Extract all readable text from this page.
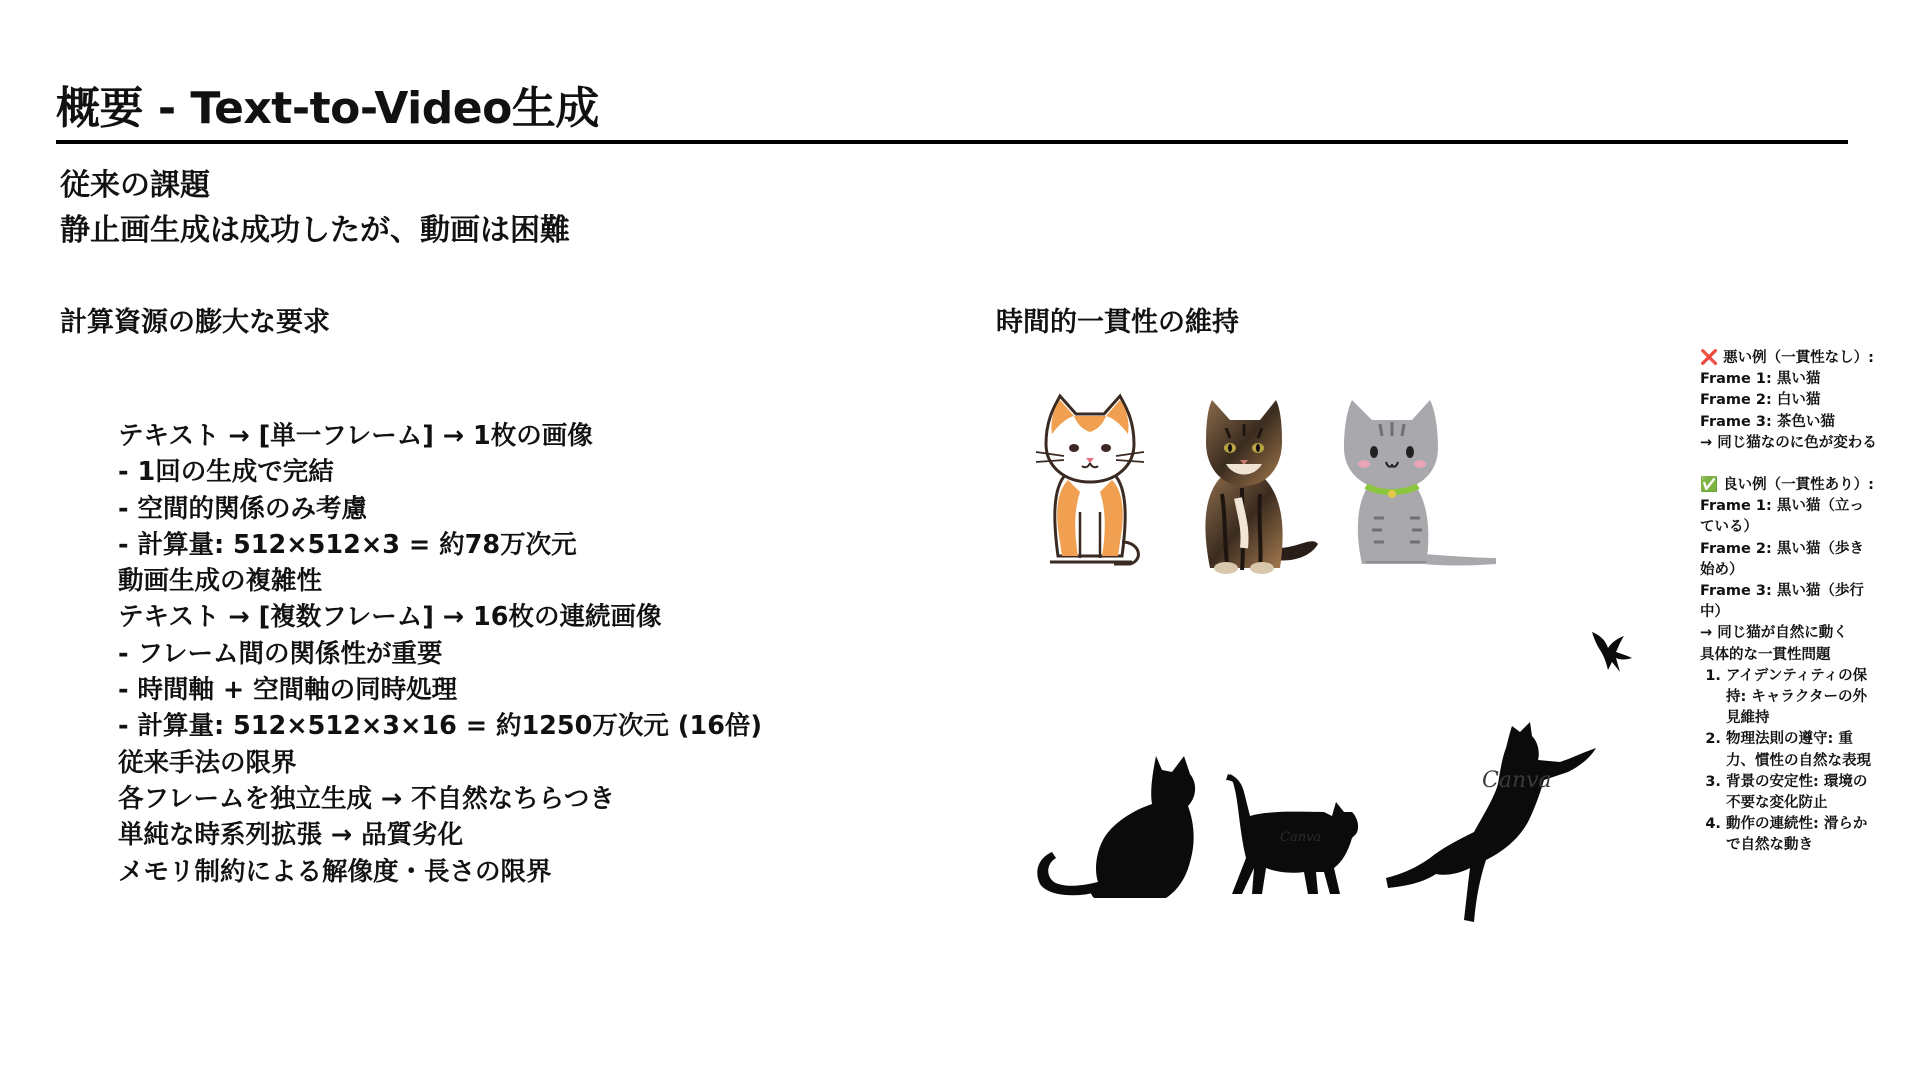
概要 - Text-to-Video生成
従来の課題
静止画生成は成功したが、動画は困難
計算資源の膨大な要求	時間的一貫性の維持
テキスト → [単一フレーム] → 1枚の画像
- 1回の生成で完結
- 空間的関係のみ考慮
- 計算量: 512×512×3 = 約78万次元
動画生成の複雑性
テキスト → [複数フレーム] → 16枚の連続画像
- フレーム間の関係性が重要
- 時間軸 + 空間軸の同時処理
- 計算量: 512×512×3×16 = 約1250万次元 (16倍)
従来手法の限界
各フレームを独立生成 → 不自然なちらつき
単純な時系列拡張 → 品質劣化
メモリ制約による解像度・長さの限界
Canva
Canva
❌ 悪い例（一貫性なし）:
Frame 1: 黒い猫
Frame 2: 白い猫
Frame 3: 茶色い猫
→ 同じ猫なのに色が変わる
✅ 良い例（一貫性あり）:
Frame 1: 黒い猫（立っている）
Frame 2: 黒い猫（歩き始め）
Frame 3: 黒い猫（歩行中）
→ 同じ猫が自然に動く
具体的な一貫性問題
1. アイデンティティの保持: キャラクターの外見維持
2. 物理法則の遵守: 重力、慣性の自然な表現
3. 背景の安定性: 環境の不要な変化防止
4. 動作の連続性: 滑らかで自然な動き
